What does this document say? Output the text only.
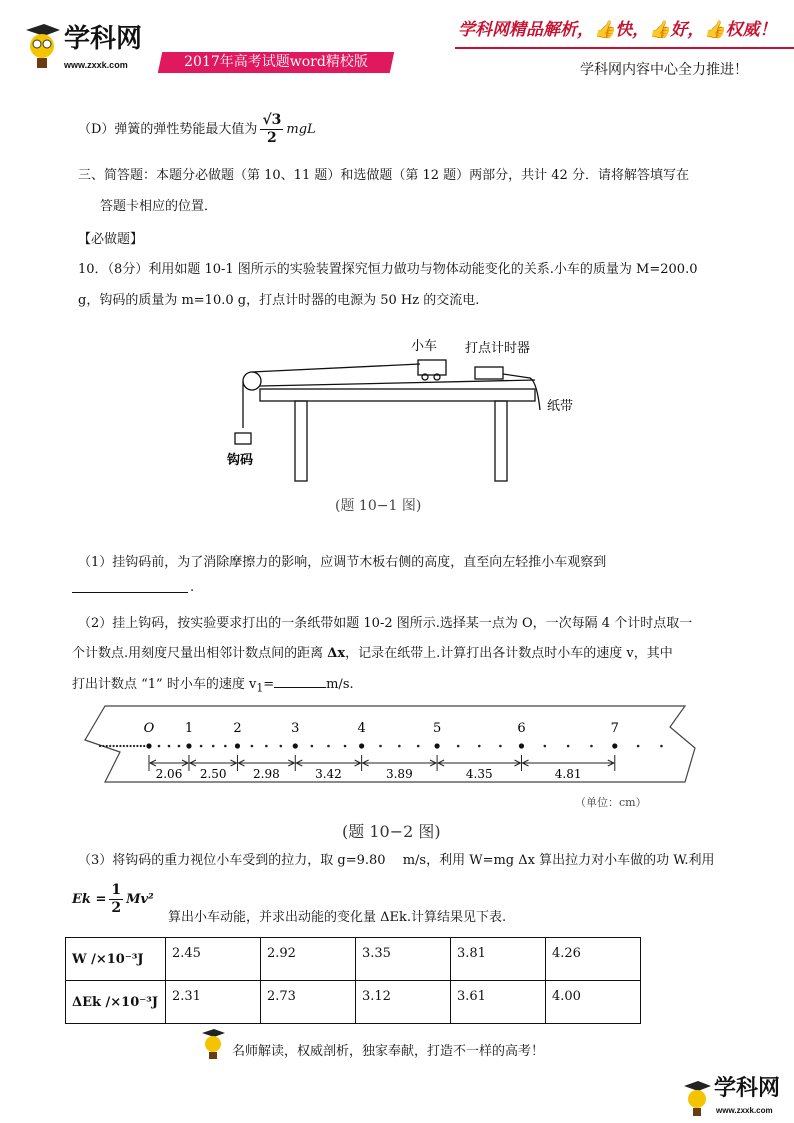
学科网
www.zxxk.com	2017年高考试题word精校版
学科网精品解析，👍快，👍好，👍权威！
学科网内容中心全力推进！
（D）弹簧的弹性势能最大值为 $\frac{√3}{2}$ mgL
三、简答题：本题分必做题（第 10、11 题）和选做题（第 12 题）两部分，共计 42 分．请将解答填写在
答题卡相应的位置．
【必做题】
10．（8分）利用如题 10-1 图所示的实验装置探究恒力做功与物体动能变化的关系.小车的质量为 M=200.0
g，钩码的质量为 m=10.0 g，打点计时器的电源为 50 Hz 的交流电.
小车 打点计时器
纸带
钩码
(题 10−1 图)
（1）挂钩码前，为了消除摩擦力的影响，应调节木板右侧的高度，直至向左轻推小车观察到
.
（2）挂上钩码，按实验要求打出的一条纸带如题 10-2 图所示.选择某一点为 O，一次每隔 4 个计时点取一
个计数点.用刻度尺量出相邻计数点间的距离 Δx，记录在纸带上.计算打出各计数点时小车的速度 v，其中
打出计数点 “1” 时小车的速度 $v_1=$	m/s.
O
2.06
1
2.50
2
2.98
3
3.42
4
3.89
5
4.35
6
4.81
7
（单位：cm）
(题 10−2 图)
（3）将钩码的重力视位小车受到的拉力，取 g=9.80　 m/s，利用 W=mg Δx 算出拉力对小车做的功 W.利用
$Ek = \frac{1}{2} Mv^2$
算出小车动能，并求出动能的变化量 ΔEk.计算结果见下表.
W /×10⁻³J	2.45	2.92	3.35	3.81	4.26
ΔEk /×10⁻³J	2.31	2.73	3.12	3.61	4.00
名师解读，权威剖析，独家奉献，打造不一样的高考！
学科网
www.zxxk.com
